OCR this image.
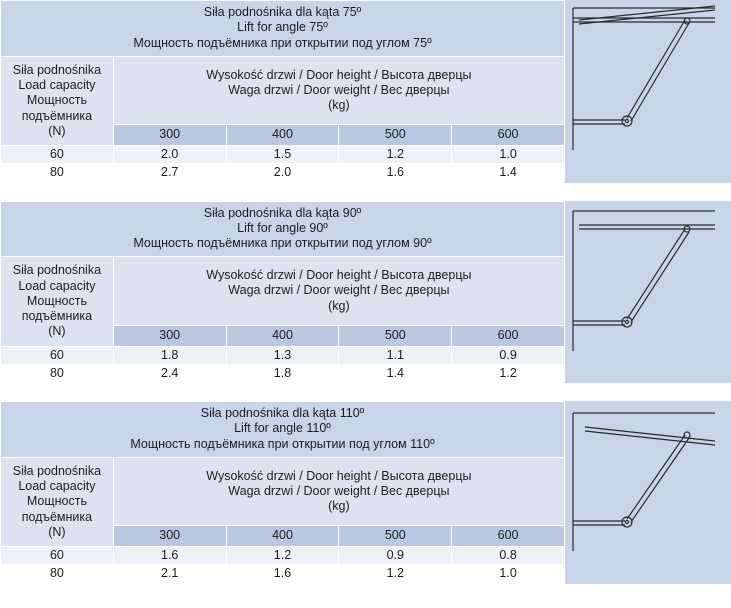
Siła podnośnika dla kąta 75º
Lift for angle 75º
Мощность подъёмника при открытии под углом 75º				

Siła podnośnika
Load capacity
Мощность подъёмника
(N)	Wysokość drzwi / Door height / Высота дверцы
Waga drzwi / Door weight / Вес дверцы
(kg)			

	300	400	500	600
60	2.0	1.5	1.2	1.0
80	2.7	2.0	1.6	1.4
Siła podnośnika dla kąta 90º
Lift for angle 90º
Мощность подъёмника при открытии под углом 90º				

Siła podnośnika
Load capacity
Мощность подъёмника
(N)	Wysokość drzwi / Door height / Высота дверцы
Waga drzwi / Door weight / Вес дверцы
(kg)			

	300	400	500	600
60	1.8	1.3	1.1	0.9
80	2.4	1.8	1.4	1.2
Siła podnośnika dla kąta 110º
Lift for angle 110º
Мощность подъёмника при открытии под углом 110º				

Siła podnośnika
Load capacity
Мощность подъёмника
(N)	Wysokość drzwi / Door height / Высота дверцы
Waga drzwi / Door weight / Вес дверцы
(kg)			

	300	400	500	600
60	1.6	1.2	0.9	0.8
80	2.1	1.6	1.2	1.0
